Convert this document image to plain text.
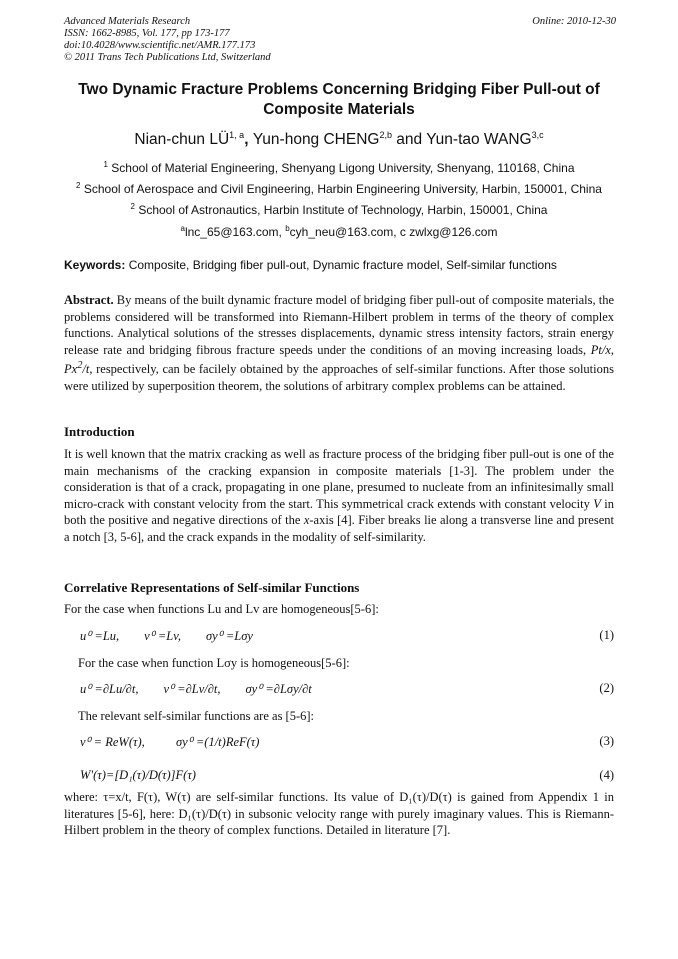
Advanced Materials Research
ISSN: 1662-8985, Vol. 177, pp 173-177
doi:10.4028/www.scientific.net/AMR.177.173
© 2011 Trans Tech Publications Ltd, Switzerland
Online: 2010-12-30
Two Dynamic Fracture Problems Concerning Bridging Fiber Pull-out of Composite Materials
Nian-chun LÜ$^{1, a}$, Yun-hong CHENG$^{2,b}$ and Yun-tao WANG$^{3,c}$
$^1$ School of Material Engineering, Shenyang Ligong University, Shenyang, 110168, China
$^2$ School of Aerospace and Civil Engineering, Harbin Engineering University, Harbin, 150001, China
$^2$ School of Astronautics, Harbin Institute of Technology, Harbin, 150001, China
$^a$lnc_65@163.com, $^b$cyh_neu@163.com, c zwlxg@126.com
Keywords: Composite, Bridging fiber pull-out, Dynamic fracture model, Self-similar functions
Abstract. By means of the built dynamic fracture model of bridging fiber pull-out of composite materials, the problems considered will be transformed into Riemann-Hilbert problem in terms of the theory of complex functions. Analytical solutions of the stresses displacements, dynamic stress intensity factors, strain energy release rate and bridging fibrous fracture speeds under the conditions of an moving increasing loads, Pt/x, Px$^2$/t, respectively, can be facilely obtained by the approaches of self-similar functions. After those solutions were utilized by superposition theorem, the solutions of arbitrary complex problems can be attained.
Introduction
It is well known that the matrix cracking as well as fracture process of the bridging fiber pull-out is one of the main mechanisms of the cracking expansion in composite materials [1-3]. The problem under the consideration is that of a crack, propagating in one plane, presumed to nucleate from an infinitesimally small micro-crack with constant velocity from the start. This symmetrical crack extends with constant velocity V in both the positive and negative directions of the x-axis [4]. Fiber breaks lie along a transverse line and present a notch [3, 5-6], and the crack expands in the modality of self-similarity.
Correlative Representations of Self-similar Functions
For the case when functions Lu and Lv are homogeneous[5-6]:
u⁰ =Lu,        v⁰ =Lv,        σy⁰ =Lσy	(1)
For the case when function Lσy is homogeneous[5-6]:
u⁰ =∂Lu/∂t,        v⁰ =∂Lv/∂t,        σy⁰ =∂Lσy/∂t	(2)
The relevant self-similar functions are as [5-6]:
v⁰ = ReW(τ),          σy⁰ =(1/t)ReF(τ)	(3)
W'(τ)=[D₁(τ)/D(τ)]F(τ)	(4)
where: τ=x/t, F(τ), W(τ) are self-similar functions. Its value of D₁(τ)/D(τ) is gained from Appendix 1 in literatures [5-6], here: D₁(τ)/D(τ) in subsonic velocity range with purely imaginary values. This is Riemann-Hilbert problem in the theory of complex functions. Detailed in literature [7].
